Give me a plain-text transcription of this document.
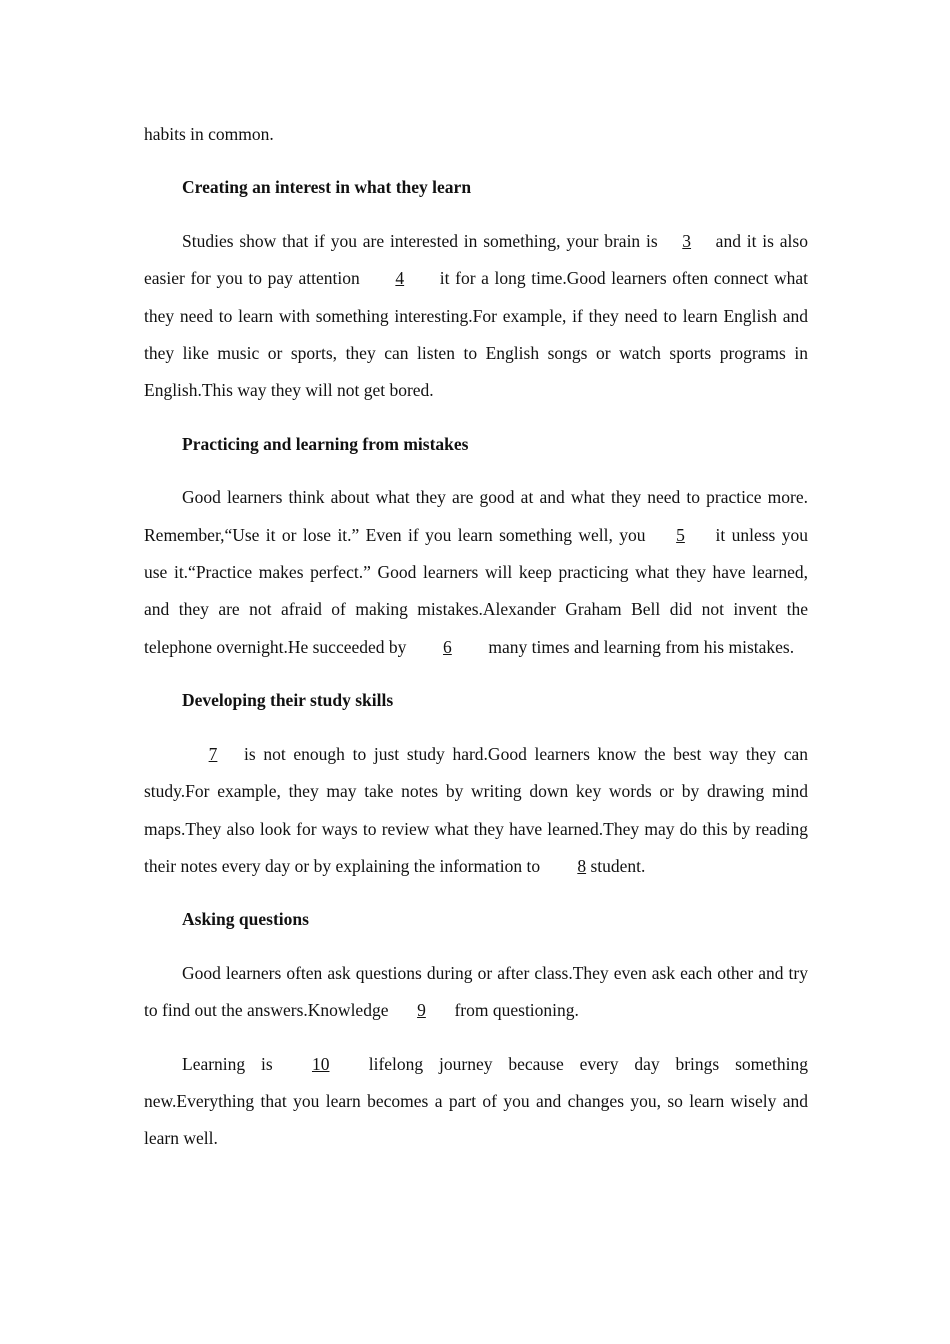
habits in common.

Creating an interest in what they learn

Studies show that if you are interested in something, your brain is 3 and it is also easier for you to pay attention 4 it for a long time.Good learners often connect what they need to learn with something interesting.For example, if they need to learn English and they like music or sports, they can listen to English songs or watch sports programs in English.This way they will not get bored.

Practicing and learning from mistakes

Good learners think about what they are good at and what they need to practice more. Remember,“Use it or lose it.” Even if you learn something well, you 5 it unless you use it.“Practice makes perfect.” Good learners will keep practicing what they have learned, and they are not afraid of making mistakes.Alexander Graham Bell did not invent the telephone overnight.He succeeded by 6 many times and learning from his mistakes.

Developing their study skills

7 is not enough to just study hard.Good learners know the best way they can study.For example, they may take notes by writing down key words or by drawing mind maps.They also look for ways to review what they have learned.They may do this by reading their notes every day or by explaining the information to 8 student.

Asking questions

Good learners often ask questions during or after class.They even ask each other and try to find out the answers.Knowledge 9 from questioning.

Learning is 10 lifelong journey because every day brings something new.Everything that you learn becomes a part of you and changes you, so learn wisely and learn well.
